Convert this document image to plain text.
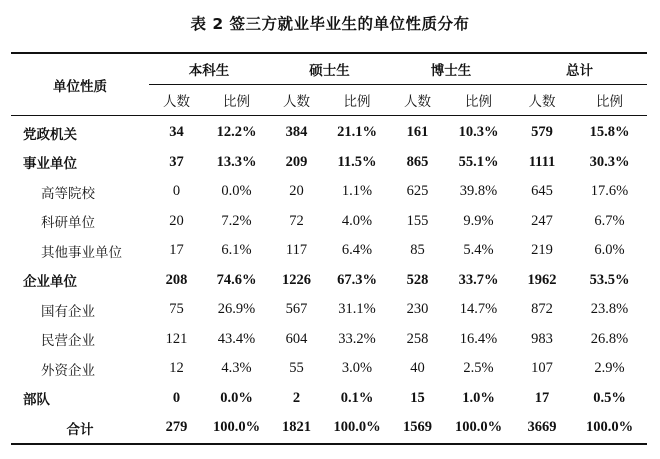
表 2 签三方就业毕业生的单位性质分布
单位性质	本科生		硕士生		博士生		总计	
	人数	比例	人数	比例	人数	比例	人数	比例
党政机关	34	12.2%	384	21.1%	161	10.3%	579	15.8%
事业单位	37	13.3%	209	11.5%	865	55.1%	1111	30.3%
高等院校	0	0.0%	20	1.1%	625	39.8%	645	17.6%
科研单位	20	7.2%	72	4.0%	155	9.9%	247	6.7%
其他事业单位	17	6.1%	117	6.4%	85	5.4%	219	6.0%
企业单位	208	74.6%	1226	67.3%	528	33.7%	1962	53.5%
国有企业	75	26.9%	567	31.1%	230	14.7%	872	23.8%
民营企业	121	43.4%	604	33.2%	258	16.4%	983	26.8%
外资企业	12	4.3%	55	3.0%	40	2.5%	107	2.9%
部队	0	0.0%	2	0.1%	15	1.0%	17	0.5%
合计	279	100.0%	1821	100.0%	1569	100.0%	3669	100.0%
